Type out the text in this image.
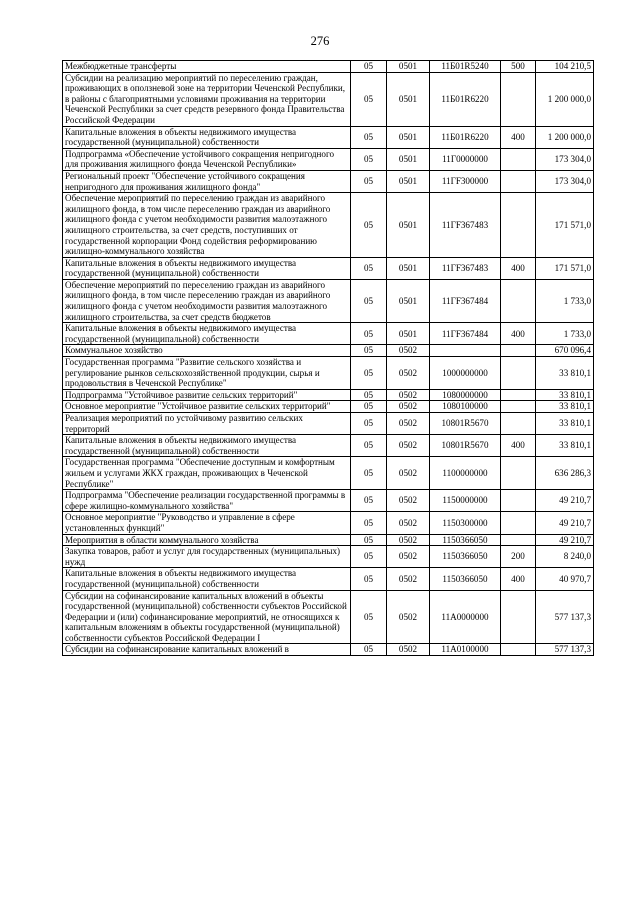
276
Межбюджетные трансферты	05	0501	11Б01R5240	500	104 210,5
Субсидии на реализацию мероприятий по переселению граждан, проживающих в оползневой зоне на территории Чеченской Республики, в районы с благоприятными условиями проживания на территории Чеченской Республики за счет средств резервного фонда Правительства Российской Федерации	05	0501	11Б01R6220		1 200 000,0
Капитальные вложения в объекты недвижимого имущества государственной (муниципальной) собственности	05	0501	11Б01R6220	400	1 200 000,0
Подпрограмма «Обеспечение устойчивого сокращения непригодного для проживания жилищного фонда Чеченской Республики»	05	0501	11Г0000000		173 304,0
Региональный проект "Обеспечение устойчивого сокращения непригодного для проживания жилищного фонда"	05	0501	11ГF300000		173 304,0
Обеспечение мероприятий по переселению граждан из аварийного жилищного фонда, в том числе переселению граждан из аварийного жилищного фонда с учетом необходимости развития малоэтажного жилищного строительства, за счет средств, поступивших от государственной корпорации Фонд содействия реформированию жилищно-коммунального хозяйства	05	0501	11ГF367483		171 571,0
Капитальные вложения в объекты недвижимого имущества государственной (муниципальной) собственности	05	0501	11ГF367483	400	171 571,0
Обеспечение мероприятий по переселению граждан из аварийного жилищного фонда, в том числе переселению граждан из аварийного жилищного фонда с учетом необходимости развития малоэтажного жилищного строительства, за счет средств бюджетов	05	0501	11ГF367484		1 733,0
Капитальные вложения в объекты недвижимого имущества государственной (муниципальной) собственности	05	0501	11ГF367484	400	1 733,0
Коммунальное хозяйство	05	0502			670 096,4
Государственная программа "Развитие сельского хозяйства и регулирование рынков сельскохозяйственной продукции, сырья и продовольствия в Чеченской Республике"	05	0502	1000000000		33 810,1
Подпрограмма "Устойчивое развитие сельских территорий"	05	0502	1080000000		33 810,1
Основное мероприятие "Устойчивое развитие сельских территорий"	05	0502	1080100000		33 810,1
Реализация мероприятий по устойчивому развитию сельских территорий	05	0502	10801R5670		33 810,1
Капитальные вложения в объекты недвижимого имущества государственной (муниципальной) собственности	05	0502	10801R5670	400	33 810,1
Государственная программа "Обеспечение доступным и комфортным жильем и услугами ЖКХ граждан, проживающих в Чеченской Республике"	05	0502	1100000000		636 286,3
Подпрограмма "Обеспечение реализации государственной программы в сфере жилищно-коммунального хозяйства"	05	0502	1150000000		49 210,7
Основное мероприятие "Руководство и управление в сфере установленных функций"	05	0502	1150300000		49 210,7
Мероприятия в области коммунального хозяйства	05	0502	1150366050		49 210,7
Закупка товаров, работ и услуг для государственных (муниципальных) нужд	05	0502	1150366050	200	8 240,0
Капитальные вложения в объекты недвижимого имущества государственной (муниципальной) собственности	05	0502	1150366050	400	40 970,7
Субсидии на софинансирование капитальных вложений в объекты государственной (муниципальной) собственности субъектов Российской Федерации и (или) софинансирование мероприятий, не относящихся к капитальным вложениям в объекты государственной (муниципальной) собственности субъектов Российской Федерации I	05	0502	11А0000000		577 137,3
Субсидии на софинансирование капитальных вложений в	05	0502	11А0100000		577 137,3
